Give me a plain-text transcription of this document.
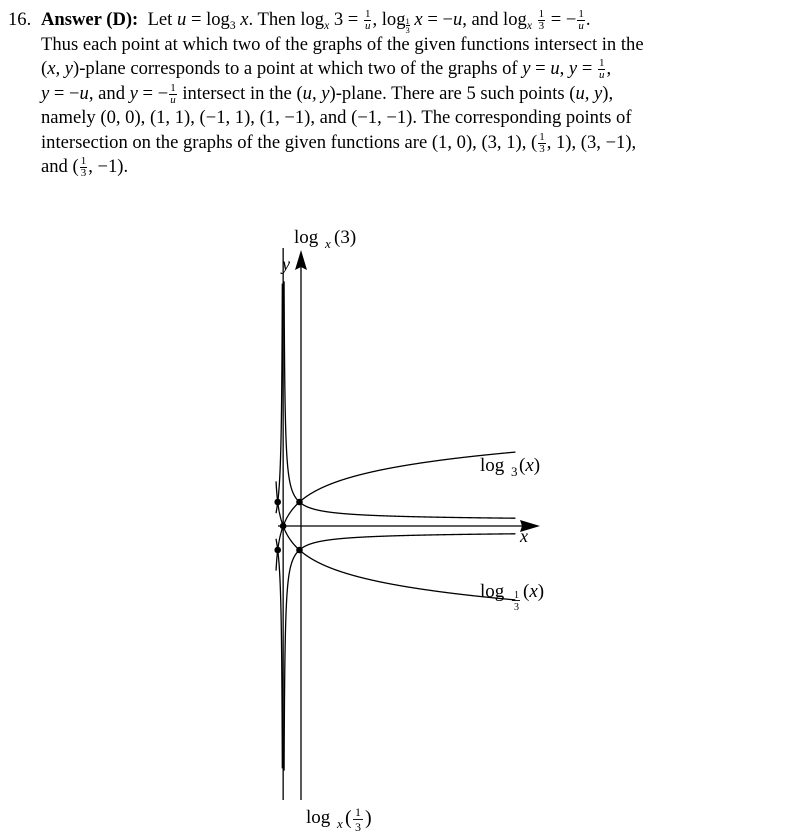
16. Answer (D): Let $u = \log_3 x$. Then $\log_x 3 = \frac{1}{u}$ , $\log \frac{1}{3}$ x = −u, and $\log_x \frac{1}{3}$ = − $\frac{1}{u}$ .
Thus each point at which two of the graphs of the given functions intersect in the
(x, y)-plane corresponds to a point at which two of the graphs of y = u, $y = \frac{1}{u}$ ,
y = −u, and y = − $\frac{1}{u}$ intersect in the (u, y)-plane. There are 5 such points (u, y),
namely (0, 0), (1, 1), (−1, 1), (1, −1), and (−1, −1). The corresponding points of
intersection on the graphs of the given functions are (1, 0), (3, 1), ( $\frac{1}{3}$ , 1), (3, −1),
and ( $\frac{1}{3}$ , −1).
x
y
log x (3)
log 3 (x)
log 1
3
(x)
log x ( 1
3 )
